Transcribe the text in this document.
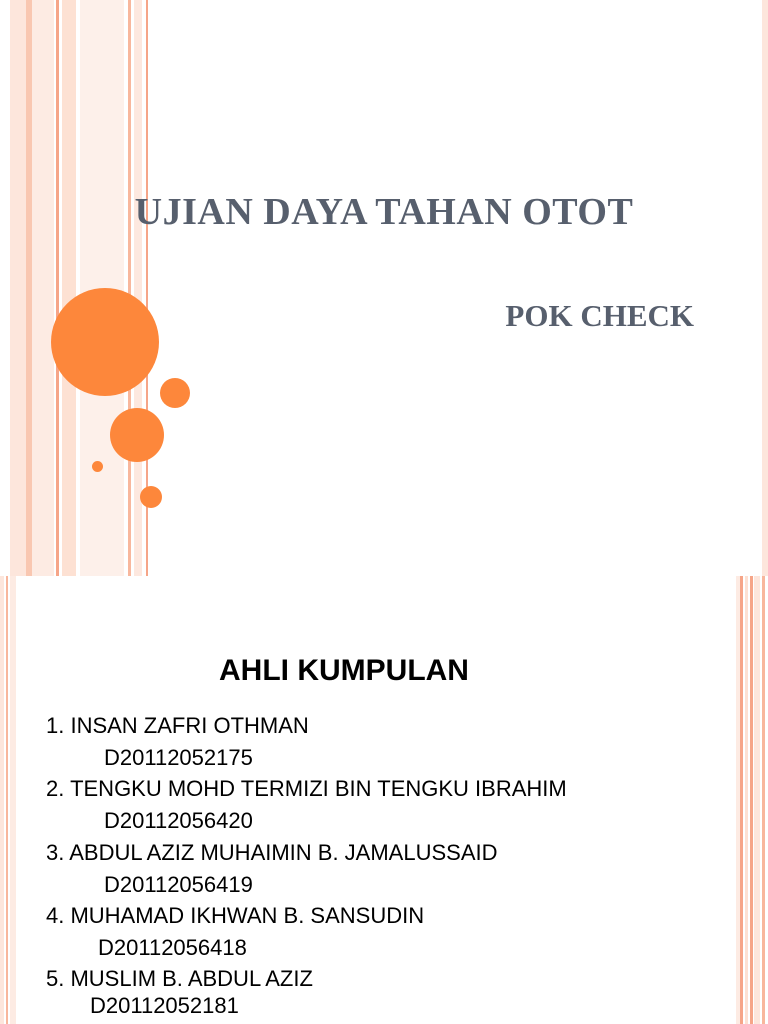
UJIAN DAYA TAHAN OTOT
POK CHECK
AHLI KUMPULAN
1. INSAN ZAFRI OTHMAN
D20112052175
2. TENGKU MOHD TERMIZI BIN TENGKU IBRAHIM
D20112056420
3. ABDUL AZIZ MUHAIMIN B. JAMALUSSAID
D20112056419
4. MUHAMAD IKHWAN B. SANSUDIN
D20112056418
5. MUSLIM B. ABDUL AZIZ
D20112052181
